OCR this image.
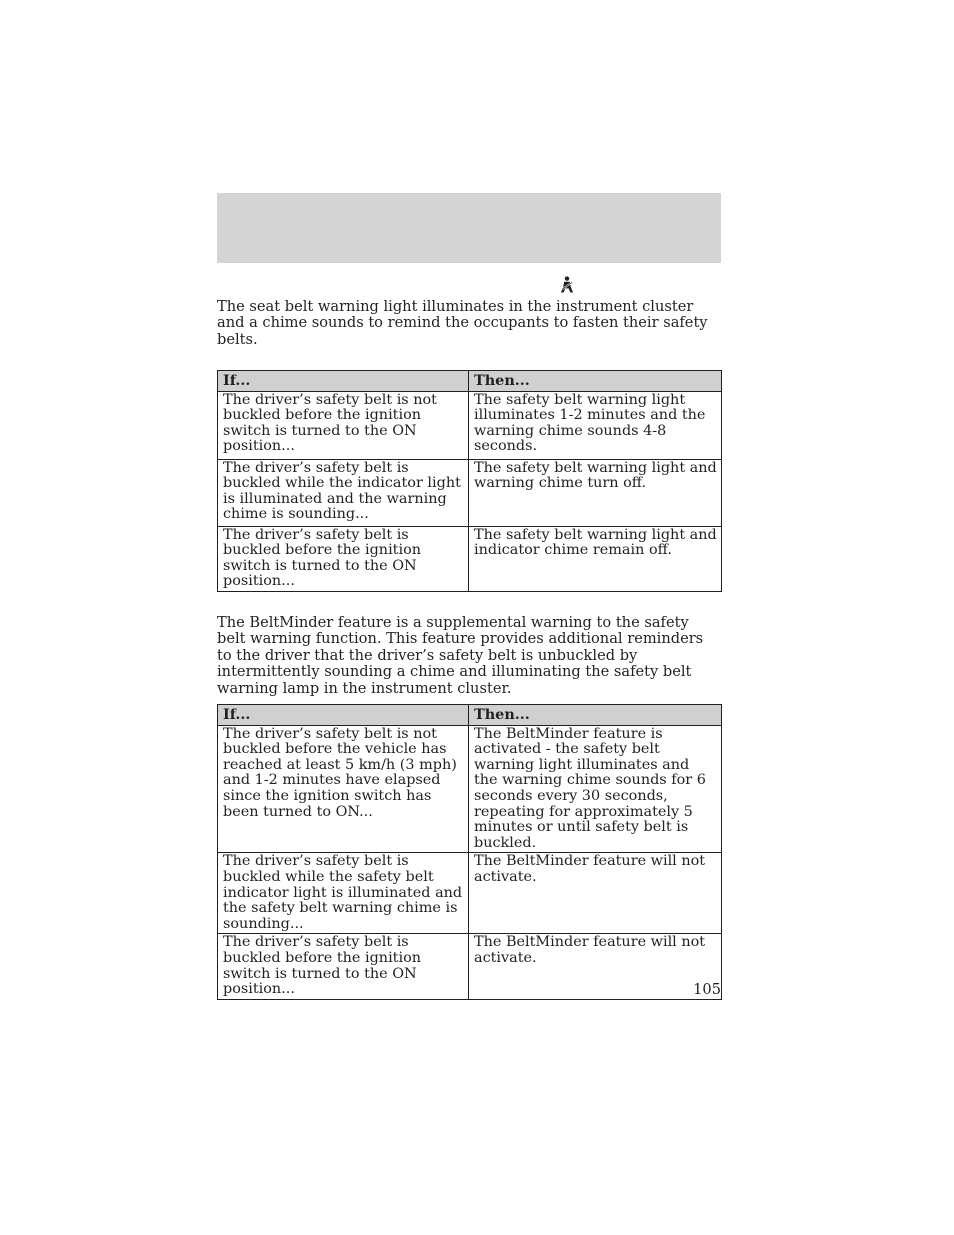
The seat belt warning light illuminates in the instrument cluster and a chime sounds to remind the occupants to fasten their safety belts.

If...	Then...
The driver’s safety belt is not buckled before the ignition switch is turned to the ON position...	The safety belt warning light illuminates 1-2 minutes and the warning chime sounds 4-8 seconds.
The driver’s safety belt is buckled while the indicator light is illuminated and the warning chime is sounding...	The safety belt warning light and warning chime turn off.
The driver’s safety belt is buckled before the ignition switch is turned to the ON position...	The safety belt warning light and indicator chime remain off.

The BeltMinder feature is a supplemental warning to the safety belt warning function. This feature provides additional reminders to the driver that the driver’s safety belt is unbuckled by intermittently sounding a chime and illuminating the safety belt warning lamp in the instrument cluster.

If...	Then...
The driver’s safety belt is not buckled before the vehicle has reached at least 5 km/h (3 mph) and 1-2 minutes have elapsed since the ignition switch has been turned to ON...	The BeltMinder feature is activated - the safety belt warning light illuminates and the warning chime sounds for 6 seconds every 30 seconds, repeating for approximately 5 minutes or until safety belt is buckled.
The driver’s safety belt is buckled while the safety belt indicator light is illuminated and the safety belt warning chime is sounding...	The BeltMinder feature will not activate.
The driver’s safety belt is buckled before the ignition switch is turned to the ON position...	The BeltMinder feature will not activate.
105
